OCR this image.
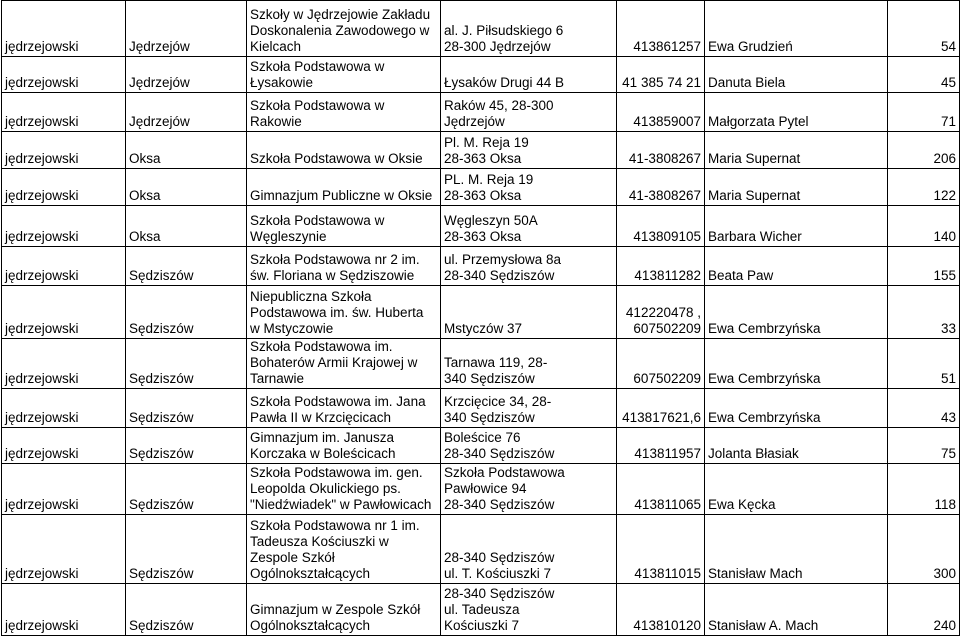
jędrzejowski	Jędrzejów	Szkoły w Jędrzejowie Zakładu
Doskonalenia Zawodowego w
Kielcach	al. J. Piłsudskiego 6
28-300 Jędrzejów	413861257	Ewa Grudzień	54
jędrzejowski	Jędrzejów	Szkoła Podstawowa w
Łysakowie	Łysaków Drugi 44 B	41 385 74 21	Danuta Biela	45
jędrzejowski	Jędrzejów	Szkoła Podstawowa w
Rakowie	Raków 45, 28-300
Jędrzejów	413859007	Małgorzata Pytel	71
jędrzejowski	Oksa	Szkoła Podstawowa w Oksie	Pl. M. Reja 19
28-363 Oksa	41-3808267	Maria Supernat	206
jędrzejowski	Oksa	Gimnazjum Publiczne w Oksie	PL. M. Reja 19
28-363 Oksa	41-3808267	Maria Supernat	122
jędrzejowski	Oksa	Szkoła Podstawowa w
Węgleszynie	Węgleszyn 50A
28-363 Oksa	413809105	Barbara Wicher	140
jędrzejowski	Sędziszów	Szkoła Podstawowa nr 2 im.
św. Floriana w Sędziszowie	ul. Przemysłowa 8a
28-340 Sędziszów	413811282	Beata Paw	155
jędrzejowski	Sędziszów	Niepubliczna Szkoła
Podstawowa im. św. Huberta
w Mstyczowie	Mstyczów 37	412220478 ,
607502209	Ewa Cembrzyńska	33
jędrzejowski	Sędziszów	Szkoła Podstawowa im.
Bohaterów Armii Krajowej w
Tarnawie	Tarnawa 119, 28-
340 Sędziszów	607502209	Ewa Cembrzyńska	51
jędrzejowski	Sędziszów	Szkoła Podstawowa im. Jana
Pawła II w Krzcięcicach	Krzcięcice 34, 28-
340 Sędziszów	413817621,6	Ewa Cembrzyńska	43
jędrzejowski	Sędziszów	Gimnazjum im. Janusza
Korczaka w Boleścicach	Boleścice 76
28-340 Sędziszów	413811957	Jolanta Błasiak	75
jędrzejowski	Sędziszów	Szkoła Podstawowa im. gen.
Leopolda Okulickiego ps.
"Niedźwiadek" w Pawłowicach	Szkoła Podstawowa
Pawłowice 94
28-340 Sędziszów	413811065	Ewa Kęcka	118
jędrzejowski	Sędziszów	Szkoła Podstawowa nr 1 im.
Tadeusza Kościuszki w
Zespole Szkół
Ogólnokształcących	28-340 Sędziszów
ul. T. Kościuszki 7	413811015	Stanisław Mach	300
jędrzejowski	Sędziszów	Gimnazjum w Zespole Szkół
Ogólnokształcących	28-340 Sędziszów
ul. Tadeusza
Kościuszki 7	413810120	Stanisław A. Mach	240
